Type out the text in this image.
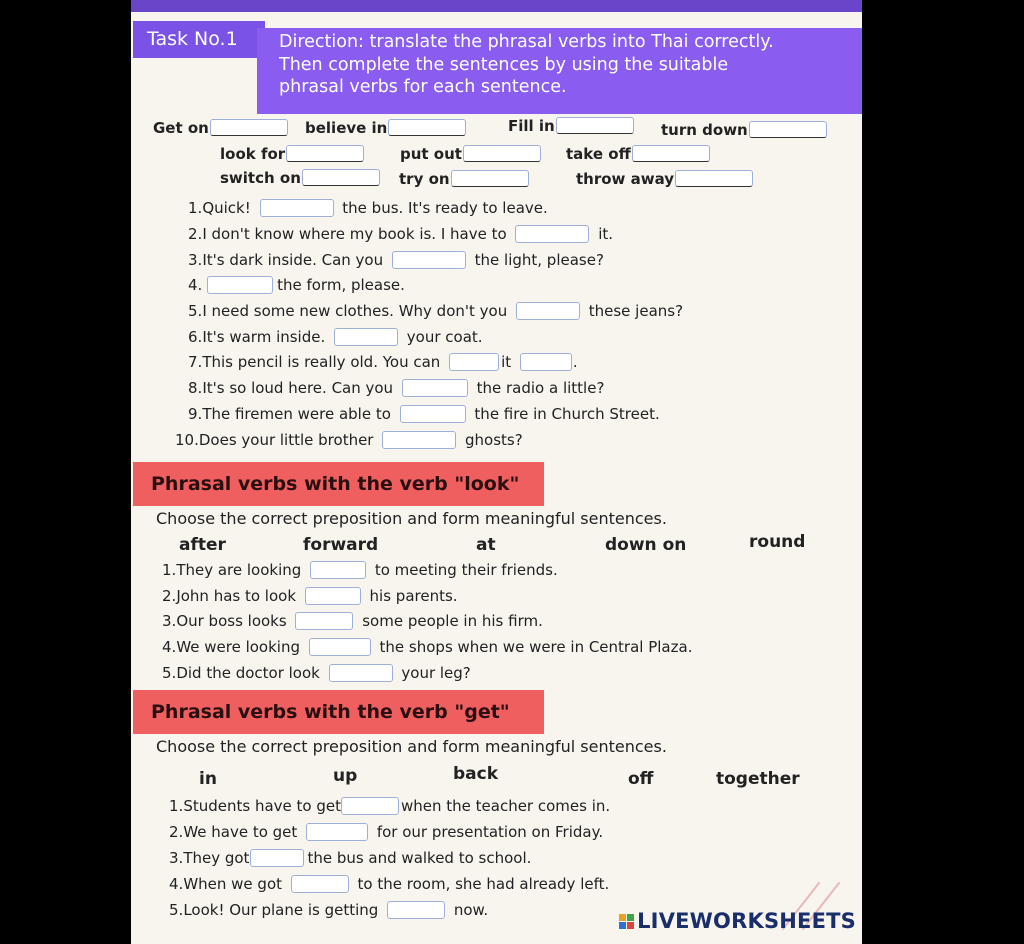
Task No.1	Direction: translate the phrasal verbs into Thai correctly.
Then complete the sentences by using the suitable
phrasal verbs for each sentence.
Get on	believe in	Fill in	turn down
look for	put out	take off
switch on	try on	throw away
1.Quick!	the bus. It's ready to leave.
2.I don't know where my book is. I have to	it.
3.It's dark inside. Can you	the light, please?
4.	the form, please.
5.I need some new clothes. Why don't you	these jeans?
6.It's warm inside.	your coat.
7.This pencil is really old. You can	it	.
8.It's so loud here. Can you	the radio a little?
9.The firemen were able to	the fire in Church Street.
10.Does your little brother	ghosts?
Phrasal verbs with the verb "look"
Choose the correct preposition and form meaningful sentences.
after	forward	at	down on	round
1.They are looking	to meeting their friends.
2.John has to look	his parents.
3.Our boss looks	some people in his firm.
4.We were looking	the shops when we were in Central Plaza.
5.Did the doctor look	your leg?
Phrasal verbs with the verb "get"
Choose the correct preposition and form meaningful sentences.
in	up	back	off	together
1.Students have to get	when the teacher comes in.
2.We have to get	for our presentation on Friday.
3.They got	the bus and walked to school.
4.When we got	to the room, she had already left.
5.Look! Our plane is getting	now.	LIVEWORKSHEETS
